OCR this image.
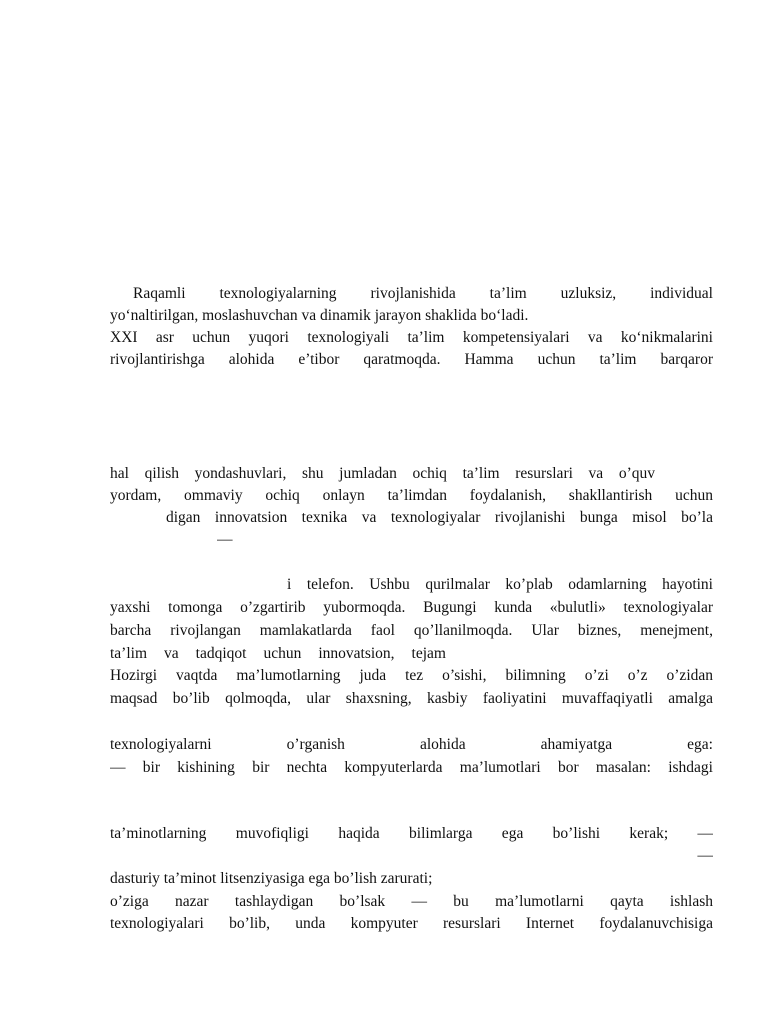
Raqamli texnologiyalarning rivojlanishida ta’lim uzluksiz, individual
yo‘naltirilgan, moslashuvchan va dinamik jarayon shaklida bo‘ladi.
XXI asr uchun yuqori texnologiyali ta’lim kompetensiyalari va ko‘nikmalarini
rivojlantirishga alohida e’tibor qaratmoqda. Hamma uchun ta’lim barqaror
hal qilish yondashuvlari, shu jumladan ochiq ta’lim resurslari va o’quv
yordam, ommaviy ochiq onlayn ta’limdan foydalanish, shakllantirish uchun
digan innovatsion texnika va texnologiyalar rivojlanishi bunga misol bo’la
—
i telefon. Ushbu qurilmalar ko’plab odamlarning hayotini
yaxshi tomonga o’zgartirib yubormoqda. Bugungi kunda «bulutli» texnologiyalar
barcha rivojlangan mamlakatlarda faol qo’llanilmoqda. Ular biznes, menejment,
ta’lim va tadqiqot uchun innovatsion, tejam
Hozirgi vaqtda ma’lumotlarning juda tez o’sishi, bilimning o’zi o’z o’zidan
maqsad bo’lib qolmoqda, ular shaxsning, kasbiy faoliyatini muvaffaqiyatli amalga
texnologiyalarni o’rganish alohida ahamiyatga ega:
— bir kishining bir nechta kompyuterlarda ma’lumotlari bor masalan: ishdagi
ta’minotlarning muvofiqligi haqida bilimlarga ega bo’lishi kerak; —
—
dasturiy ta’minot litsenziyasiga ega bo’lish zarurati;
o’ziga nazar tashlaydigan bo’lsak — bu ma’lumotlarni qayta ishlash
texnologiyalari bo’lib, unda kompyuter resurslari Internet foydalanuvchisiga
